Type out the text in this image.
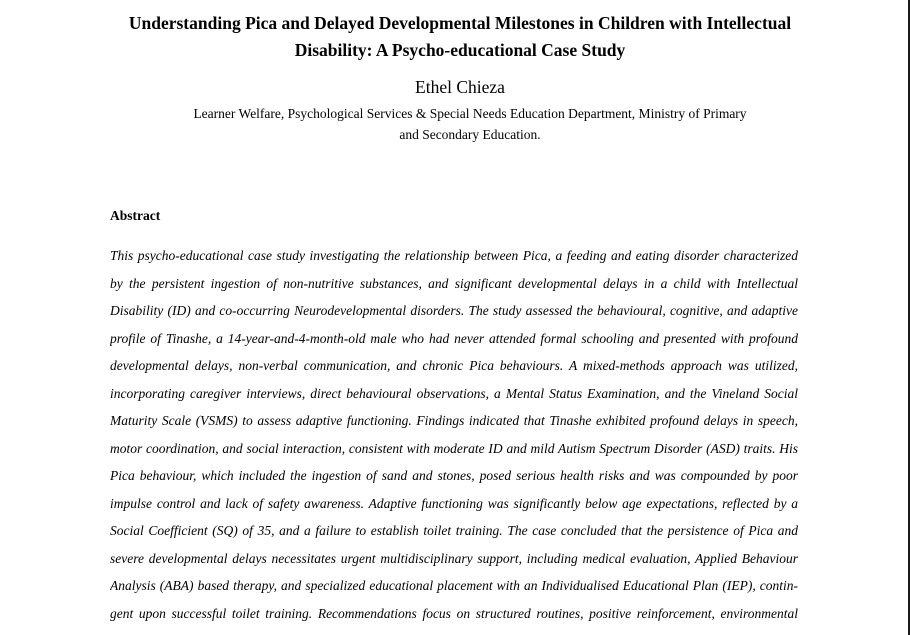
Understanding Pica and Delayed Developmental Milestones in Children with Intellectual
Disability: A Psycho-educational Case Study
Ethel Chieza
Learner Welfare, Psychological Services & Special Needs Education Department, Ministry of Primary
and Secondary Education.
Abstract
This psycho-educational case study investigating the relationship between Pica, a feeding and eating disorder characterized
by the persistent ingestion of non-nutritive substances, and significant developmental delays in a child with Intellectual
Disability (ID) and co-occurring Neurodevelopmental disorders. The study assessed the behavioural, cognitive, and adaptive
profile of Tinashe, a 14-year-and-4-month-old male who had never attended formal schooling and presented with profound
developmental delays, non-verbal communication, and chronic Pica behaviours. A mixed-methods approach was utilized,
incorporating caregiver interviews, direct behavioural observations, a Mental Status Examination, and the Vineland Social
Maturity Scale (VSMS) to assess adaptive functioning. Findings indicated that Tinashe exhibited profound delays in speech,
motor coordination, and social interaction, consistent with moderate ID and mild Autism Spectrum Disorder (ASD) traits. His
Pica behaviour, which included the ingestion of sand and stones, posed serious health risks and was compounded by poor
impulse control and lack of safety awareness. Adaptive functioning was significantly below age expectations, reflected by a
Social Coefficient (SQ) of 35, and a failure to establish toilet training. The case concluded that the persistence of Pica and
severe developmental delays necessitates urgent multidisciplinary support, including medical evaluation, Applied Behaviour
Analysis (ABA) based therapy, and specialized educational placement with an Individualised Educational Plan (IEP), contin-
gent upon successful toilet training. Recommendations focus on structured routines, positive reinforcement, environmental
